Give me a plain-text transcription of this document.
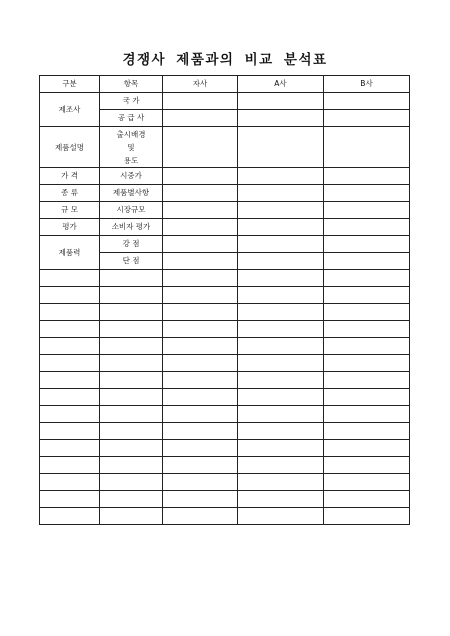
경쟁사 제품과의 비교 분석표
구분	항목	자사	A사	B사
제조사	국 가			
	공 급 사			
제품설명	출시배경
및
용도			

가 격	시중가			
종 류	제품별사항			
규 모	시장규모			
평가	소비자 평가			
제품력	강 점			
	단 점			
